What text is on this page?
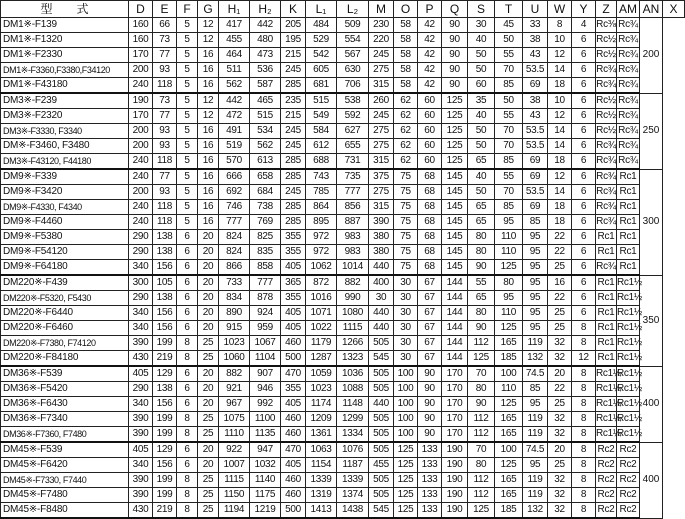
型　　式	D	E	F	G	H₁	H₂	K	L₁	L₂	M	O	P	Q	S	T	U	W	Y	Z	AM	AN	X
DM1※-F139	160	66	5	12	417	442	205	484	509	230	58	42	90	30	45	33	8	4	Rc⅜	Rc¾	200	
DM1※-F1320	160	73	5	12	455	480	195	529	554	220	58	42	90	40	50	38	10	6	Rc½	Rc¾		
DM1※-F2330	170	77	5	16	464	473	215	542	567	245	58	42	90	50	55	43	12	6	Rc½	Rc¾		
DM1※-F3360,F3380,F34120	200	93	5	16	511	536	245	605	630	275	58	42	90	50	70	53.5	14	6	Rc¾	Rc¾		
DM1※-F43180	240	118	5	16	562	587	285	681	706	315	58	42	90	60	85	69	18	6	Rc¾	Rc¾		
DM3※-F239	190	73	5	12	442	465	235	515	538	260	62	60	125	35	50	38	10	6	Rc½	Rc¾	250	
DM3※-F2320	170	77	5	12	472	515	215	549	592	245	62	60	125	40	55	43	12	6	Rc½	Rc¾		
DM3※-F3330, F3340	200	93	5	16	491	534	245	584	627	275	62	60	125	50	70	53.5	14	6	Rc½	Rc¾		
DM※-F3460, F3480	200	93	5	16	519	562	245	612	655	275	62	60	125	50	70	53.5	14	6	Rc¾	Rc¾		
DM3※-F43120, F44180	240	118	5	16	570	613	285	688	731	315	62	60	125	65	85	69	18	6	Rc¾	Rc¾		
DM9※-F339	240	77	5	16	666	658	285	743	735	375	75	68	145	40	55	69	12	6	Rc¾	Rc1	300	
DM9※-F3420	200	93	5	16	692	684	245	785	777	275	75	68	145	50	70	53.5	14	6	Rc¾	Rc1		
DM9※-F4330, F4340	240	118	5	16	746	738	285	864	856	315	75	68	145	65	85	69	18	6	Rc¾	Rc1		
DM9※-F4460	240	118	5	16	777	769	285	895	887	390	75	68	145	65	95	85	18	6	Rc¾	Rc1		
DM9※-F5380	290	138	6	20	824	825	355	972	983	380	75	68	145	80	110	95	22	6	Rc1	Rc1		
DM9※-F54120	290	138	6	20	824	835	355	972	983	380	75	68	145	80	110	95	22	6	Rc1	Rc1		
DM9※-F64180	340	156	6	20	866	858	405	1062	1014	440	75	68	145	90	125	95	25	6	Rc¾	Rc1		
DM220※-F439	300	105	6	20	733	777	365	872	882	400	30	67	144	55	80	95	16	6	Rc1	Rc1½	350	
DM220※-F5320, F5430	290	138	6	20	834	878	355	1016	990	30	30	67	144	65	95	95	22	6	Rc1	Rc1½		
DM220※-F6440	340	156	6	20	890	924	405	1071	1080	440	30	67	144	80	110	95	25	6	Rc1	Rc1½		
DM220※-F6460	340	156	6	20	915	959	405	1022	1115	440	30	67	144	90	125	95	25	8	Rc1	Rc1½		
DM220※-F7380, F74120	390	199	8	25	1023	1067	460	1179	1266	505	30	67	144	112	165	119	32	8	Rc1	Rc1½		
DM220※-F84180	430	219	8	25	1060	1104	500	1287	1323	545	30	67	144	125	185	132	32	12	Rc1	Rc1½		
DM36※-F539	405	129	6	20	882	907	470	1059	1036	505	100	90	170	70	100	74.5	20	8	Rc1¼	Rc1½	400	
DM36※-F5420	290	138	6	20	921	946	355	1023	1088	505	100	90	170	80	110	85	22	8	Rc1¼	Rc1½		
DM36※-F6430	340	156	6	20	967	992	405	1174	1148	440	100	90	170	90	125	95	25	8	Rc1¼	Rc1½		
DM36※-F7340	390	199	8	25	1075	1100	460	1209	1299	505	100	90	170	112	165	119	32	8	Rc1¼	Rc1½		
DM36※-F7360, F7480	390	199	8	25	1110	1135	460	1361	1334	505	100	90	170	112	165	119	32	8	Rc1¼	Rc1½		
DM45※-F539	405	129	6	20	922	947	470	1063	1076	505	125	133	190	70	100	74.5	20	8	Rc2	Rc2	400	
DM45※-F6420	340	156	6	20	1007	1032	405	1154	1187	455	125	133	190	80	125	95	25	8	Rc2	Rc2		
DM45※-F7330, F7440	390	199	8	25	1115	1140	460	1339	1339	505	125	133	190	112	165	119	32	8	Rc2	Rc2		
DM45※-F7480	390	199	8	25	1150	1175	460	1319	1374	505	125	133	190	112	165	119	32	8	Rc2	Rc2		
DM45※-F8480	430	219	8	25	1194	1219	500	1413	1438	545	125	133	190	125	185	132	32	8	Rc2	Rc2		
